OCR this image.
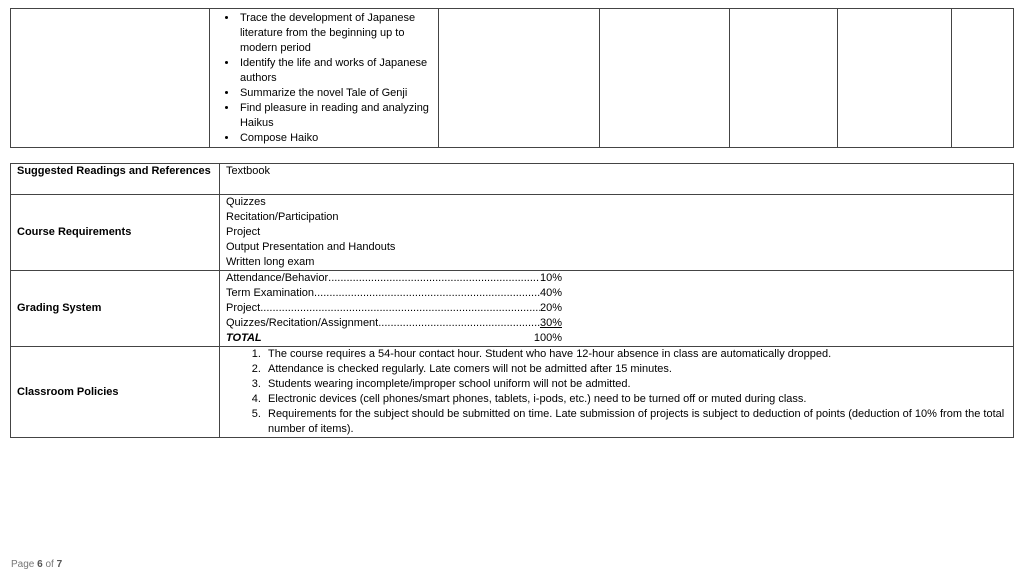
• Trace the development of Japanese literature from the beginning up to modern period
• Identify the life and works of Japanese authors
• Summarize the novel Tale of Genji
• Find pleasure in reading and analyzing Haikus
• Compose Haiko

Suggested Readings and References	Textbook
Course Requirements	
Quizzes
Recitation/Participation
Project
Output Presentation and Handouts
Written long exam

Grading System	
Attendance/Behavior .....	10%
Term Examination .....	40%
Project .....	20%
Quizzes/Recitation/Assignment .....	30%
TOTAL	100%

Classroom Policies	
1. The course requires a 54-hour contact hour. Student who have 12-hour absence in class are automatically dropped.
2. Attendance is checked regularly. Late comers will not be admitted after 15 minutes.
3. Students wearing incomplete/improper school uniform will not be admitted.
4. Electronic devices (cell phones/smart phones, tablets, i-pods, etc.) need to be turned off or muted during class.
5. Requirements for the subject should be submitted on time. Late submission of projects is subject to deduction of points (deduction of 10% from the total number of items).
Page 6 of 7
